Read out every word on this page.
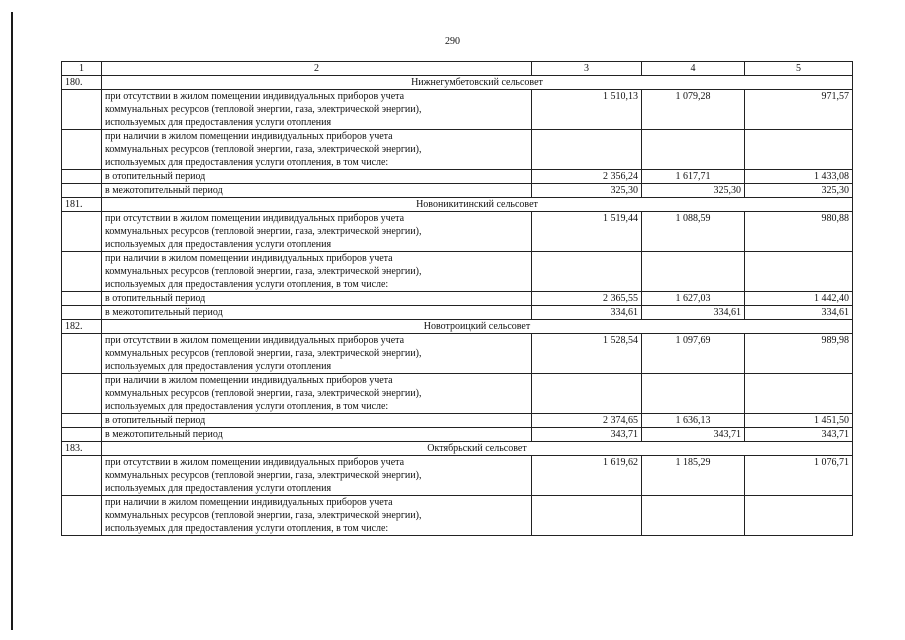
290
1	2	3	4	5
180.	Нижнегумбетовский сельсовет			

	при отсутствии в жилом помещении индивидуальных приборов учета
коммунальных ресурсов (тепловой энергии, газа, электрической энергии),
используемых для предоставления услуги отопления	1 510,13	1 079,28	971,57

	при наличии в жилом помещении индивидуальных приборов учета
коммунальных ресурсов (тепловой энергии, газа, электрической энергии),
используемых для предоставления услуги отопления, в том числе:			

	в отопительный период	2 356,24	1 617,71	1 433,08
	в межотопительный период	325,30	325,30	325,30
181.	Новоникитинский сельсовет			

	при отсутствии в жилом помещении индивидуальных приборов учета
коммунальных ресурсов (тепловой энергии, газа, электрической энергии),
используемых для предоставления услуги отопления	1 519,44	1 088,59	980,88

	при наличии в жилом помещении индивидуальных приборов учета
коммунальных ресурсов (тепловой энергии, газа, электрической энергии),
используемых для предоставления услуги отопления, в том числе:			

	в отопительный период	2 365,55	1 627,03	1 442,40
	в межотопительный период	334,61	334,61	334,61
182.	Новотроицкий сельсовет			

	при отсутствии в жилом помещении индивидуальных приборов учета
коммунальных ресурсов (тепловой энергии, газа, электрической энергии),
используемых для предоставления услуги отопления	1 528,54	1 097,69	989,98

	при наличии в жилом помещении индивидуальных приборов учета
коммунальных ресурсов (тепловой энергии, газа, электрической энергии),
используемых для предоставления услуги отопления, в том числе:			

	в отопительный период	2 374,65	1 636,13	1 451,50
	в межотопительный период	343,71	343,71	343,71
183.	Октябрьский сельсовет			

	при отсутствии в жилом помещении индивидуальных приборов учета
коммунальных ресурсов (тепловой энергии, газа, электрической энергии),
используемых для предоставления услуги отопления	1 619,62	1 185,29	1 076,71

	при наличии в жилом помещении индивидуальных приборов учета
коммунальных ресурсов (тепловой энергии, газа, электрической энергии),
используемых для предоставления услуги отопления, в том числе:			
